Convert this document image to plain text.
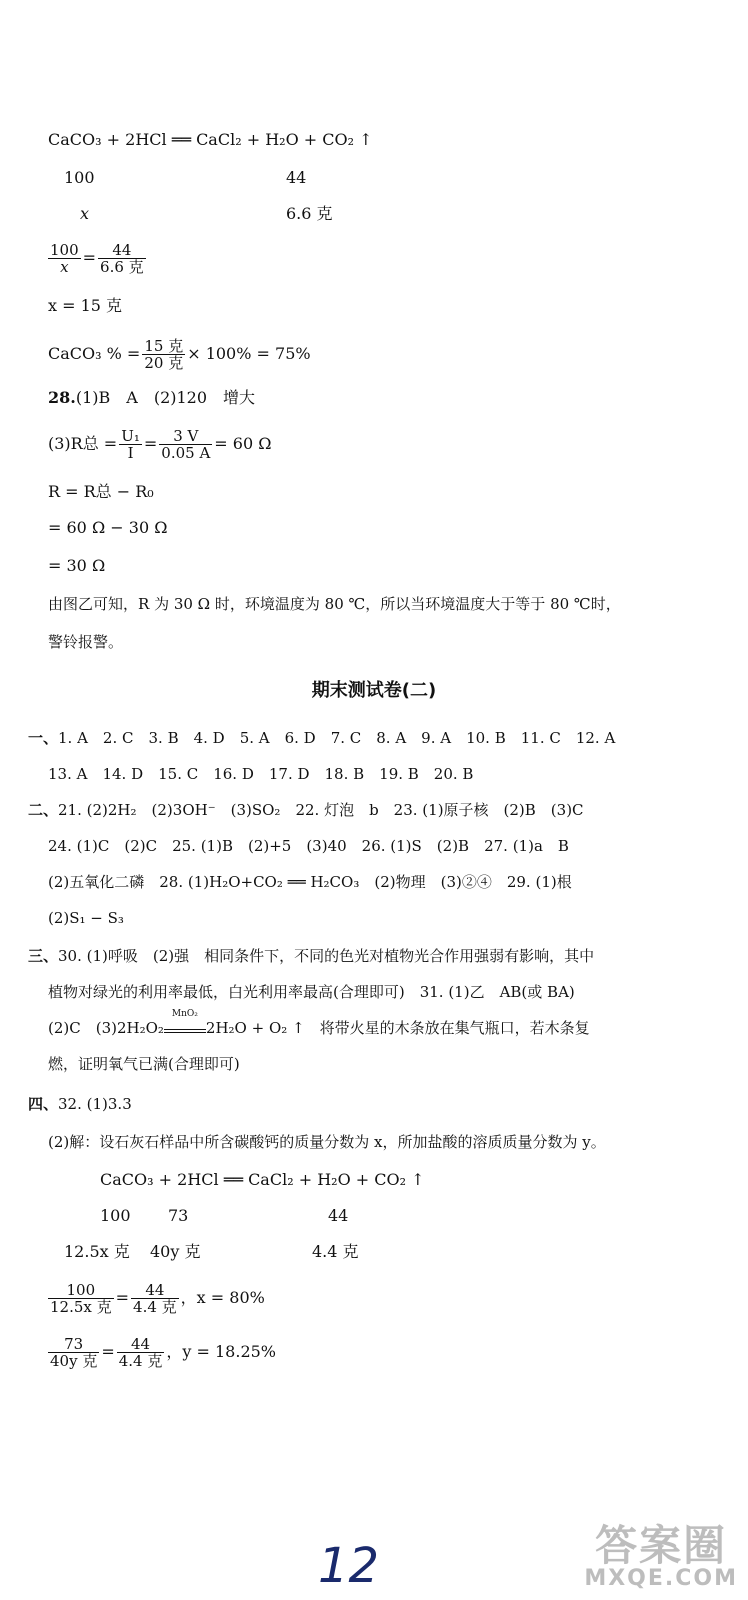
CaCO₃ + 2HCl ══ CaCl₂ + H₂O + CO₂ ↑
100	44
x	6.6 克
$\frac{100}{x} = \frac{44}{\text{6.6 克}}$
x = 15 克
CaCO₃ % = $\frac{\text{15 克}}{\text{20 克}} \times 100\% = 75\%$
28.(1)B　A　(2)120　增大
(3)R总 = $\frac{\text{U₁}}{I} = \frac{3 V}{0.05 A} = 60$ Ω
R = R总 − R₀
= 60 Ω − 30 Ω
= 30 Ω
由图乙可知，R 为 30 Ω 时，环境温度为 80 ℃，所以当环境温度大于等于 80 ℃时，
警铃报警。
期末测试卷(二)
一、1. A　2. C　3. B　4. D　5. A　6. D　7. C　8. A　9. A　10. B　11. C　12. A
13. A　14. D　15. C　16. D　17. D　18. B　19. B　20. B
二、21. (2)2H₂　(2)3OH⁻　(3)SO₂　22. 灯泡　b　23. (1)原子核　(2)B　(3)C
24. (1)C　(2)C　25. (1)B　(2)+5　(3)40　26. (1)S　(2)B　27. (1)a　B
(2)五氧化二磷　28. (1)H₂O+CO₂ ══ H₂CO₃　(2)物理　(3)②④　29. (1)根
(2)S₁ − S₃
三、30. (1)呼吸　(2)强　相同条件下，不同的色光对植物光合作用强弱有影响，其中
植物对绿光的利用率最低，白光利用率最高(合理即可)　31. (1)乙　AB(或 BA)
(2)C　(3)2H₂O₂
MnO₂
2H₂O + O₂ ↑　将带火星的木条放在集气瓶口，若木条复
燃，证明氧气已满(合理即可)
四、32. (1)3.3
(2)解：设石灰石样品中所含碳酸钙的质量分数为 x，所加盐酸的溶质质量分数为 y。
CaCO₃ + 2HCl ══ CaCl₂ + H₂O + CO₂ ↑
100 73	44
12.5x 克 40y 克	4.4 克
$\frac{100}{\text{12.5x 克}} = \frac{44}{\text{4.4 克}}$ ，x = 80%
$\frac{73}{\text{40y 克}} = \frac{44}{\text{4.4 克}}$ ，y = 18.25%
12	答案圈
MXQE.COM
